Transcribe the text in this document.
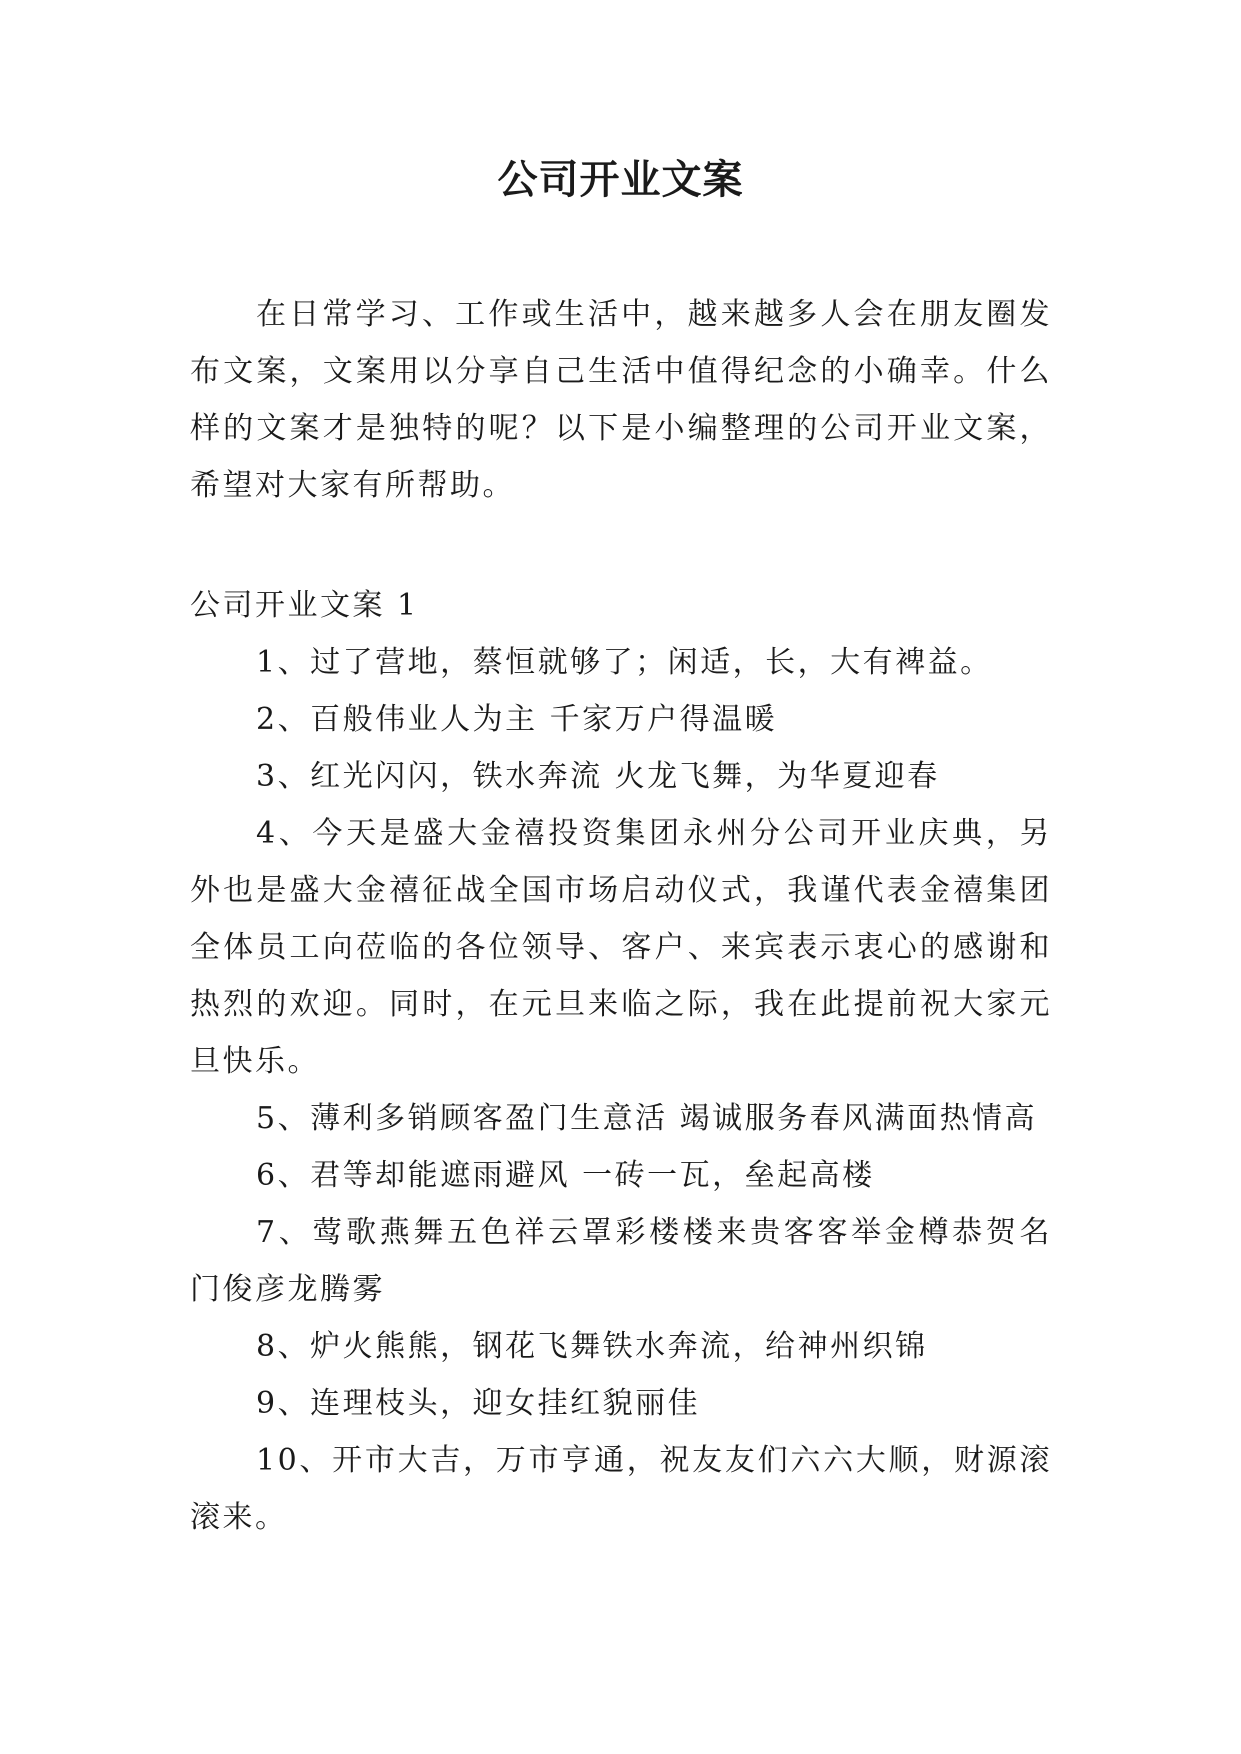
公司开业文案

在日常学习、工作或生活中，越来越多人会在朋友圈发布文案，文案用以分享自己生活中值得纪念的小确幸。什么样的文案才是独特的呢？以下是小编整理的公司开业文案，希望对大家有所帮助。

公司开业文案 1

1、过了营地，蔡恒就够了；闲适，长，大有裨益。

2、百般伟业人为主 千家万户得温暖

3、红光闪闪，铁水奔流 火龙飞舞，为华夏迎春

4、今天是盛大金禧投资集团永州分公司开业庆典，另外也是盛大金禧征战全国市场启动仪式，我谨代表金禧集团全体员工向莅临的各位领导、客户、来宾表示衷心的感谢和热烈的欢迎。同时，在元旦来临之际，我在此提前祝大家元旦快乐。

5、薄利多销顾客盈门生意活 竭诚服务春风满面热情高

6、君等却能遮雨避风 一砖一瓦，垒起高楼

7、莺歌燕舞五色祥云罩彩楼楼来贵客客举金樽恭贺名门俊彦龙腾雾

8、炉火熊熊，钢花飞舞铁水奔流，给神州织锦

9、连理枝头，迎女挂红貌丽佳

10、开市大吉，万市亨通，祝友友们六六大顺，财源滚滚来。
